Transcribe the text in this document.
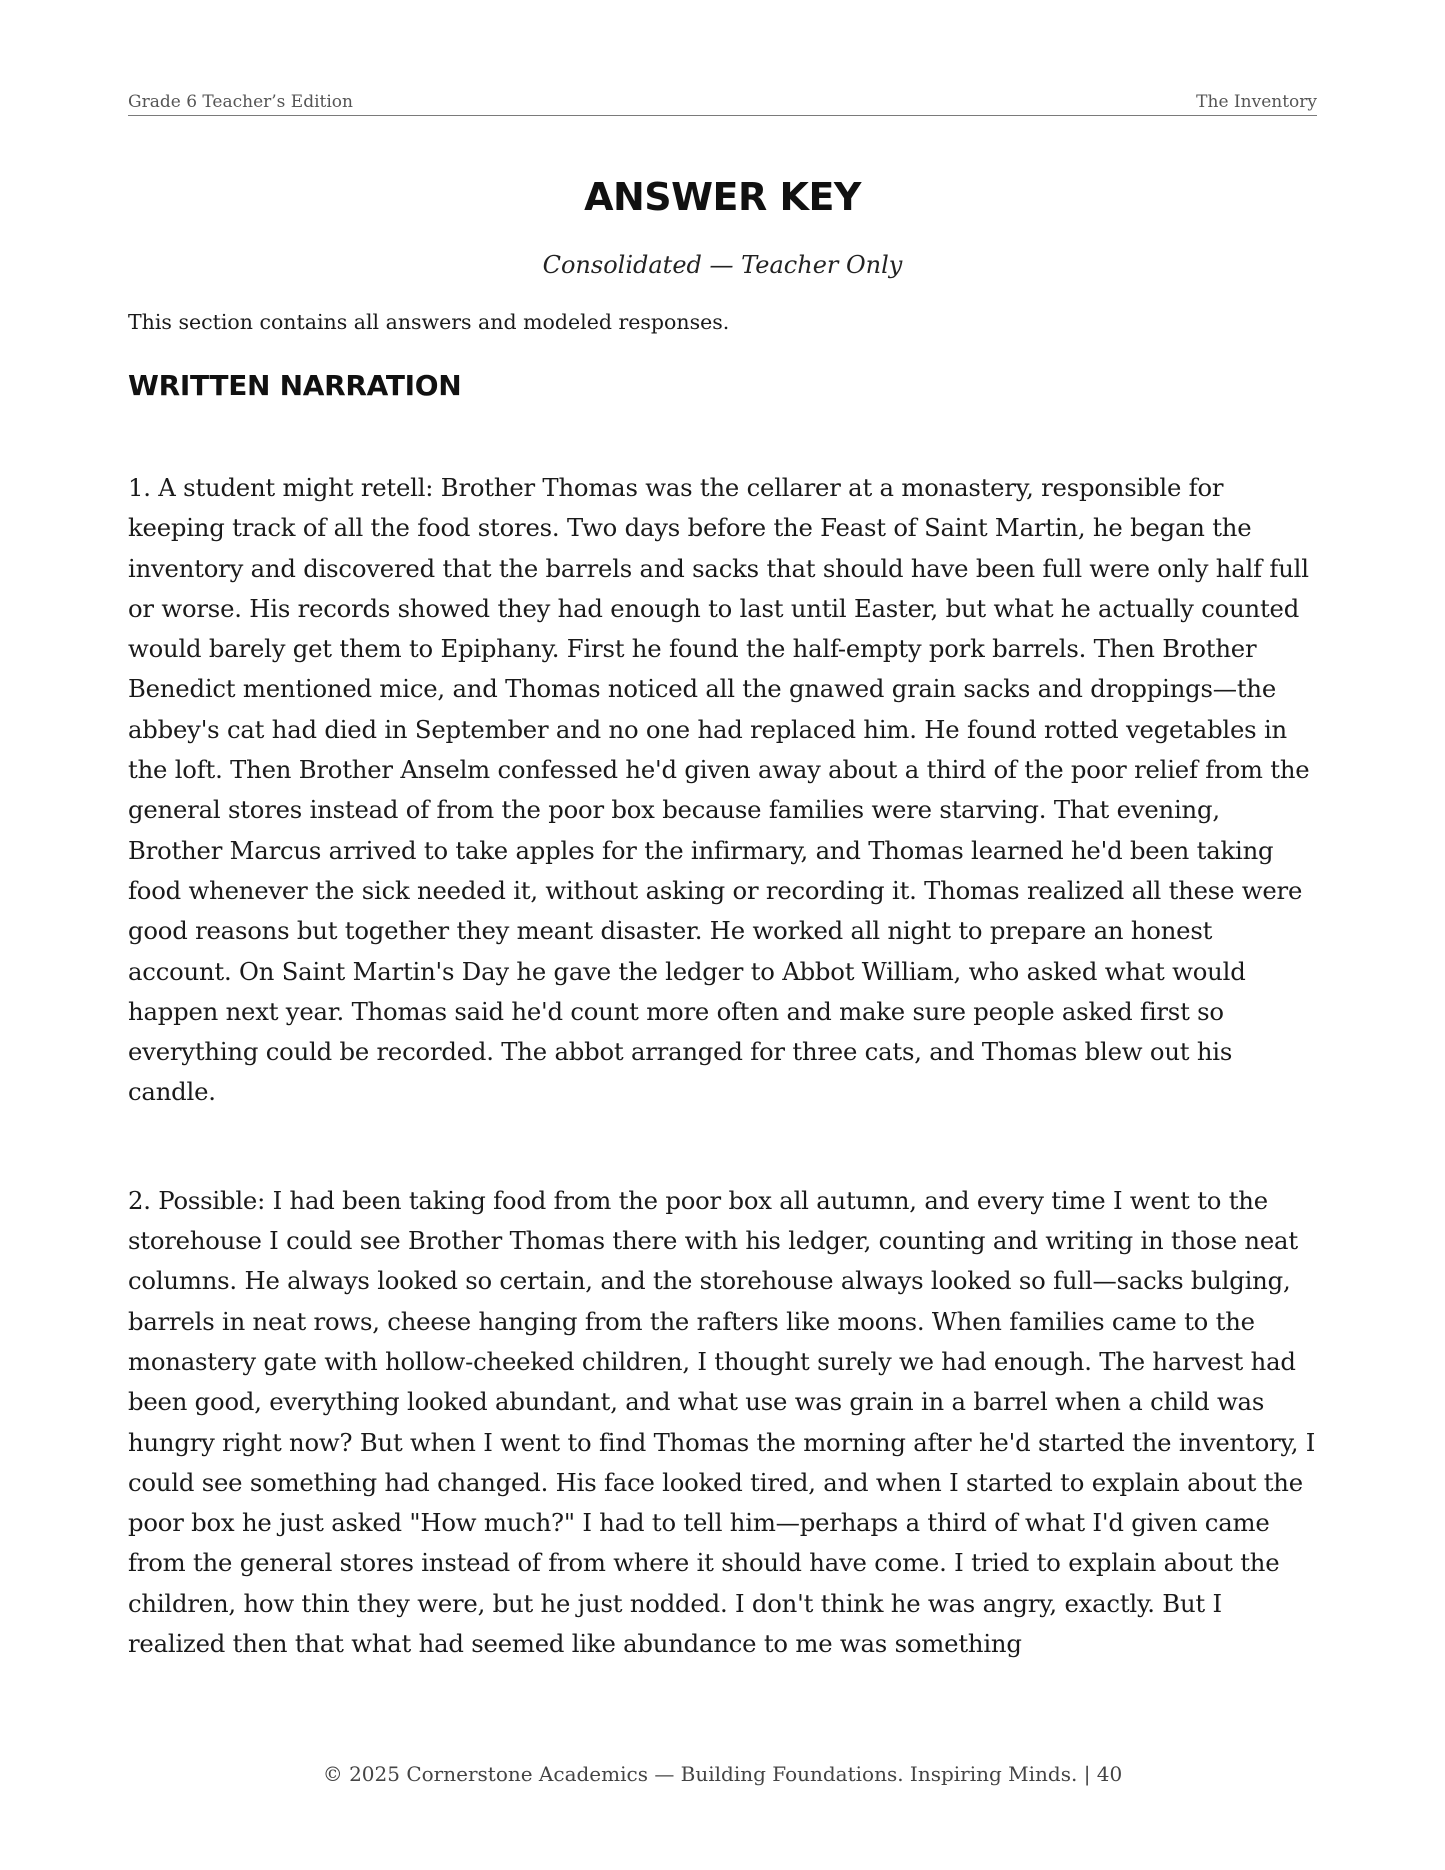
Grade 6 Teacher’s Edition	The Inventory
ANSWER KEY

Consolidated — Teacher Only

This section contains all answers and modeled responses.

WRITTEN NARRATION

1. A student might retell: Brother Thomas was the cellarer at a monastery, responsible for keeping track of all the food stores. Two days before the Feast of Saint Martin, he began the inventory and discovered that the barrels and sacks that should have been full were only half full or worse. His records showed they had enough to last until Easter, but what he actually counted would barely get them to Epiphany. First he found the half-empty pork barrels. Then Brother Benedict mentioned mice, and Thomas noticed all the gnawed grain sacks and droppings—the abbey's cat had died in September and no one had replaced him. He found rotted vegetables in the loft. Then Brother Anselm confessed he'd given away about a third of the poor relief from the general stores instead of from the poor box because families were starving. That evening, Brother Marcus arrived to take apples for the infirmary, and Thomas learned he'd been taking food whenever the sick needed it, without asking or recording it. Thomas realized all these were good reasons but together they meant disaster. He worked all night to prepare an honest account. On Saint Martin's Day he gave the ledger to Abbot William, who asked what would happen next year. Thomas said he'd count more often and make sure people asked first so everything could be recorded. The abbot arranged for three cats, and Thomas blew out his candle.

2. Possible: I had been taking food from the poor box all autumn, and every time I went to the storehouse I could see Brother Thomas there with his ledger, counting and writing in those neat columns. He always looked so certain, and the storehouse always looked so full—sacks bulging, barrels in neat rows, cheese hanging from the rafters like moons. When families came to the monastery gate with hollow-cheeked children, I thought surely we had enough. The harvest had been good, everything looked abundant, and what use was grain in a barrel when a child was hungry right now? But when I went to find Thomas the morning after he'd started the inventory, I could see something had changed. His face looked tired, and when I started to explain about the poor box he just asked "How much?" I had to tell him—perhaps a third of what I'd given came from the general stores instead of from where it should have come. I tried to explain about the children, how thin they were, but he just nodded. I don't think he was angry, exactly. But I realized then that what had seemed like abundance to me was something

© 2025 Cornerstone Academics — Building Foundations. Inspiring Minds. | 40
